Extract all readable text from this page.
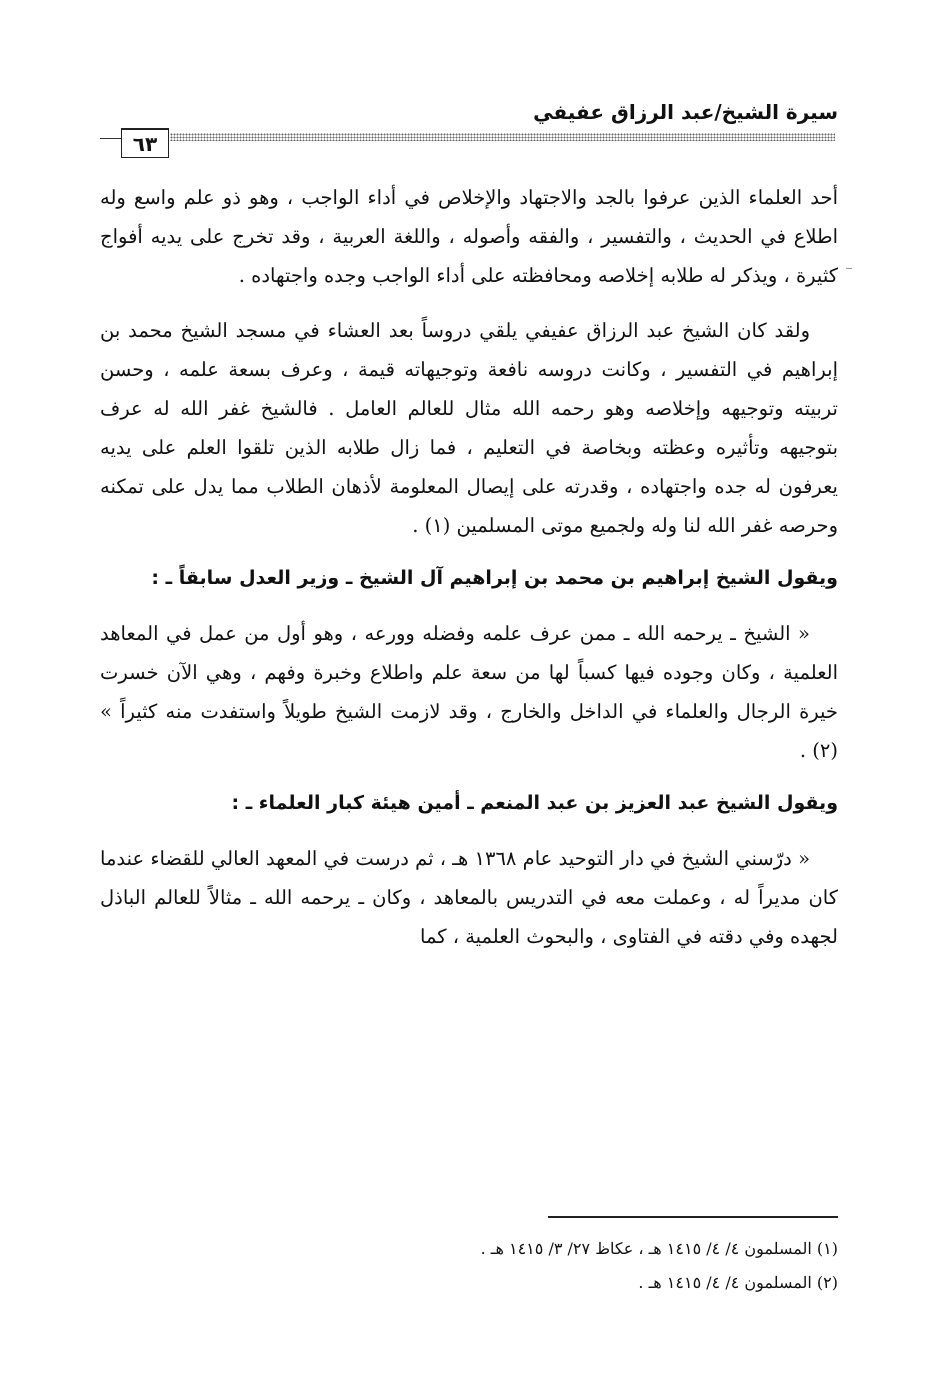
سيرة الشيخ/عبد الرزاق عفيفي
٦٣

أحد العلماء الذين عرفوا بالجد والاجتهاد والإخلاص في أداء الواجب ، وهو ذو علم واسع وله اطلاع في الحديث ، والتفسير ، والفقه وأصوله ، واللغة العربية ، وقد تخرج على يديه أفواج كثيرة ، ويذكر له طلابه إخلاصه ومحافظته على أداء الواجب وجده واجتهاده .

ولقد كان الشيخ عبد الرزاق عفيفي يلقي دروساً بعد العشاء في مسجد الشيخ محمد بن إبراهيم في التفسير ، وكانت دروسه نافعة وتوجيهاته قيمة ، وعرف بسعة علمه ، وحسن تربيته وتوجيهه وإخلاصه وهو رحمه الله مثال للعالم العامل . فالشيخ غفر الله له عرف بتوجيهه وتأثيره وعظته وبخاصة في التعليم ، فما زال طلابه الذين تلقوا العلم على يديه يعرفون له جده واجتهاده ، وقدرته على إيصال المعلومة لأذهان الطلاب مما يدل على تمكنه وحرصه غفر الله لنا وله ولجميع موتى المسلمين (١) .

ويقول الشيخ إبراهيم بن محمد بن إبراهيم آل الشيخ ـ وزير العدل سابقاً ـ :

« الشيخ ـ يرحمه الله ـ ممن عرف علمه وفضله وورعه ، وهو أول من عمل في المعاهد العلمية ، وكان وجوده فيها كسباً لها من سعة علم واطلاع وخبرة وفهم ، وهي الآن خسرت خيرة الرجال والعلماء في الداخل والخارج ، وقد لازمت الشيخ طويلاً واستفدت منه كثيراً » (٢) .

ويقول الشيخ عبد العزيز بن عبد المنعم ـ أمين هيئة كبار العلماء ـ :

« درّسني الشيخ في دار التوحيد عام ١٣٦٨ هـ ، ثم درست في المعهد العالي للقضاء عندما كان مديراً له ، وعملت معه في التدريس بالمعاهد ، وكان ـ يرحمه الله ـ مثالاً للعالم الباذل لجهده وفي دقته في الفتاوى ، والبحوث العلمية ، كما

(١) المسلمون ٤/ ٤/ ١٤١٥ هـ ، عكاظ ٢٧/ ٣/ ١٤١٥ هـ .
(٢) المسلمون ٤/ ٤/ ١٤١٥ هـ .
